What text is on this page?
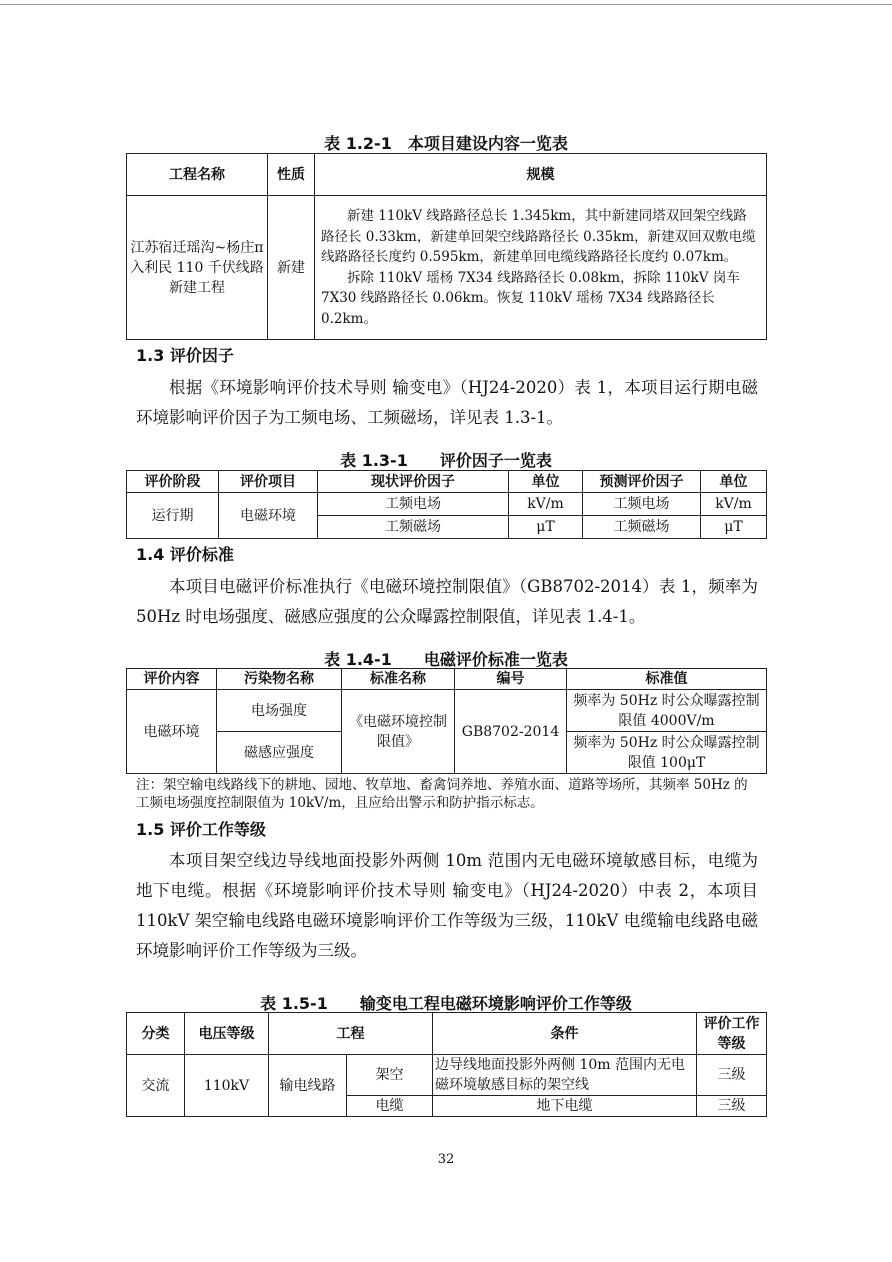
表 1.2-1　本项目建设内容一览表
工程名称	性质	规模
江苏宿迁瑶沟~杨庄π入利民 110 千伏线路新建工程	新建	新建 110kV 线路路径总长 1.345km，其中新建同塔双回架空线路路径长 0.33km，新建单回架空线路路径长 0.35km，新建双回双敷电缆线路路径长度约 0.595km，新建单回电缆线路路径长度约 0.07km。

拆除 110kV 瑶杨 7X34 线路路径长 0.08km，拆除 110kV 岗车 7X30 线路路径长 0.06km。恢复 110kV 瑶杨 7X34 线路路径长 0.2km。

1.3 评价因子
根据《环境影响评价技术导则 输变电》（HJ24-2020）表 1，本项目运行期电磁环境影响评价因子为工频电场、工频磁场，详见表 1.3-1。
表 1.3-1　　评价因子一览表
评价阶段	评价项目	现状评价因子	单位	预测评价因子	单位
运行期	电磁环境	工频电场	kV/m	工频电场	kV/m
		工频磁场	μT	工频磁场	μT
1.4 评价标准
本项目电磁评价标准执行《电磁环境控制限值》（GB8702-2014）表 1，频率为 50Hz 时电场强度、磁感应强度的公众曝露控制限值，详见表 1.4-1。
表 1.4-1　　电磁评价标准一览表
评价内容	污染物名称	标准名称	编号	标准值
电磁环境	电场强度	《电磁环境控制限值》	GB8702-2014	频率为 50Hz 时公众曝露控制限值 4000V/m
	磁感应强度			频率为 50Hz 时公众曝露控制限值 100μT
注：架空输电线路线下的耕地、园地、牧草地、畜禽饲养地、养殖水面、道路等场所，其频率 50Hz 的工频电场强度控制限值为 10kV/m，且应给出警示和防护指示标志。
1.5 评价工作等级
本项目架空线边导线地面投影外两侧 10m 范围内无电磁环境敏感目标，电缆为地下电缆。根据《环境影响评价技术导则 输变电》（HJ24-2020）中表 2，本项目 110kV 架空输电线路电磁环境影响评价工作等级为三级，110kV 电缆输电线路电磁环境影响评价工作等级为三级。
表 1.5-1　　输变电工程电磁环境影响评价工作等级
分类	电压等级	工程		条件	评价工作等级
交流	110kV	输电线路	架空	边导线地面投影外两侧 10m 范围内无电磁环境敏感目标的架空线	三级
			电缆	地下电缆	三级
32
